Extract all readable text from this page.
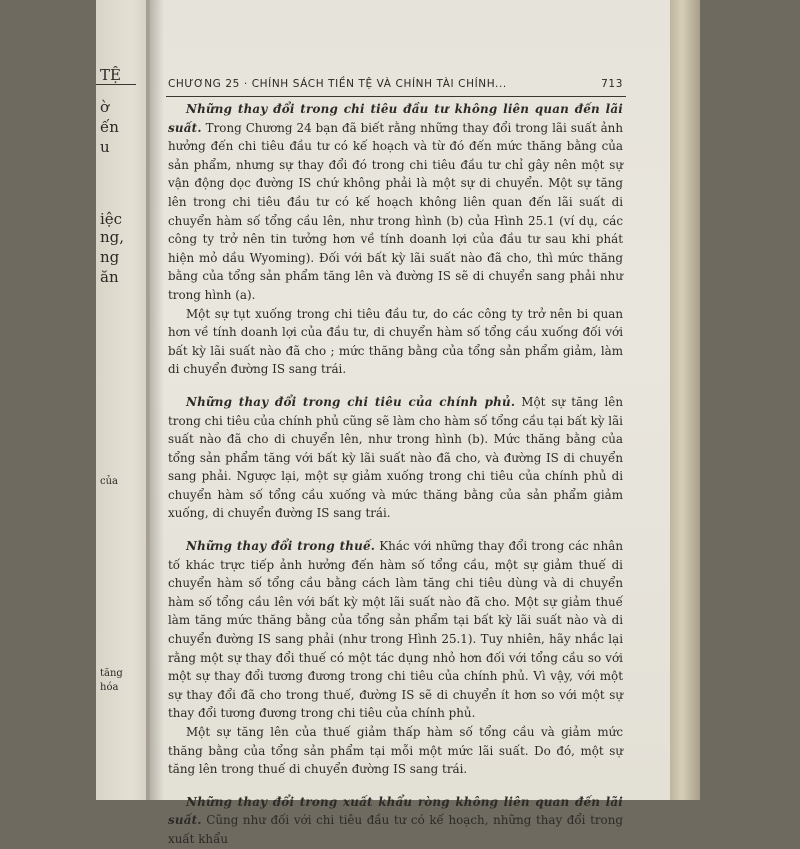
TỆ
ờ
ến
u
iệc
ng,
ng
ăn
của
tăng
hóa
CHƯƠNG 25 · CHÍNH SÁCH TIỀN TỆ VÀ CHÍNH TÀI CHÍNH...	713

Những thay đổi trong chi tiêu đầu tư không liên quan đến lãi suất. Trong Chương 24 bạn đã biết rằng những thay đổi trong lãi suất ảnh hưởng đến chi tiêu đầu tư có kế hoạch và từ đó đến mức thăng bằng của sản phẩm, nhưng sự thay đổi đó trong chi tiêu đầu tư chỉ gây nên một sự vận động dọc đường IS chứ không phải là một sự di chuyển. Một sự tăng lên trong chi tiêu đầu tư có kế hoạch không liên quan đến lãi suất di chuyển hàm số tổng cầu lên, như trong hình (b) của Hình 25.1 (ví dụ, các công ty trở nên tin tưởng hơn về tính doanh lợi của đầu tư sau khi phát hiện mỏ dầu Wyoming). Đối với bất kỳ lãi suất nào đã cho, thì mức thăng bằng của tổng sản phẩm tăng lên và đường IS sẽ di chuyển sang phải như trong hình (a).

Một sự tụt xuống trong chi tiêu đầu tư, do các công ty trở nên bi quan hơn về tính doanh lợi của đầu tư, di chuyển hàm số tổng cầu xuống đối với bất kỳ lãi suất nào đã cho ; mức thăng bằng của tổng sản phẩm giảm, làm di chuyển đường IS sang trái.

Những thay đổi trong chi tiêu của chính phủ. Một sự tăng lên trong chi tiêu của chính phủ cũng sẽ làm cho hàm số tổng cầu tại bất kỳ lãi suất nào đã cho di chuyển lên, như trong hình (b). Mức thăng bằng của tổng sản phẩm tăng với bất kỳ lãi suất nào đã cho, và đường IS di chuyển sang phải. Ngược lại, một sự giảm xuống trong chi tiêu của chính phủ di chuyển hàm số tổng cầu xuống và mức thăng bằng của sản phẩm giảm xuống, di chuyển đường IS sang trái.

Những thay đổi trong thuế. Khác với những thay đổi trong các nhân tố khác trực tiếp ảnh hưởng đến hàm số tổng cầu, một sự giảm thuế di chuyển hàm số tổng cầu bằng cách làm tăng chi tiêu dùng và di chuyển hàm số tổng cầu lên với bất kỳ một lãi suất nào đã cho. Một sự giảm thuế làm tăng mức thăng bằng của tổng sản phẩm tại bất kỳ lãi suất nào và di chuyển đường IS sang phải (như trong Hình 25.1). Tuy nhiên, hãy nhắc lại rằng một sự thay đổi thuế có một tác dụng nhỏ hơn đối với tổng cầu so với một sự thay đổi tương đương trong chi tiêu của chính phủ. Vì vậy, với một sự thay đổi đã cho trong thuế, đường IS sẽ di chuyển ít hơn so với một sự thay đổi tương đương trong chi tiêu của chính phủ.

Một sự tăng lên của thuế giảm thấp hàm số tổng cầu và giảm mức thăng bằng của tổng sản phẩm tại mỗi một mức lãi suất. Do đó, một sự tăng lên trong thuế di chuyển đường IS sang trái.

Những thay đổi trong xuất khẩu ròng không liên quan đến lãi suất. Cũng như đối với chi tiêu đầu tư có kế hoạch, những thay đổi trong xuất khẩu
